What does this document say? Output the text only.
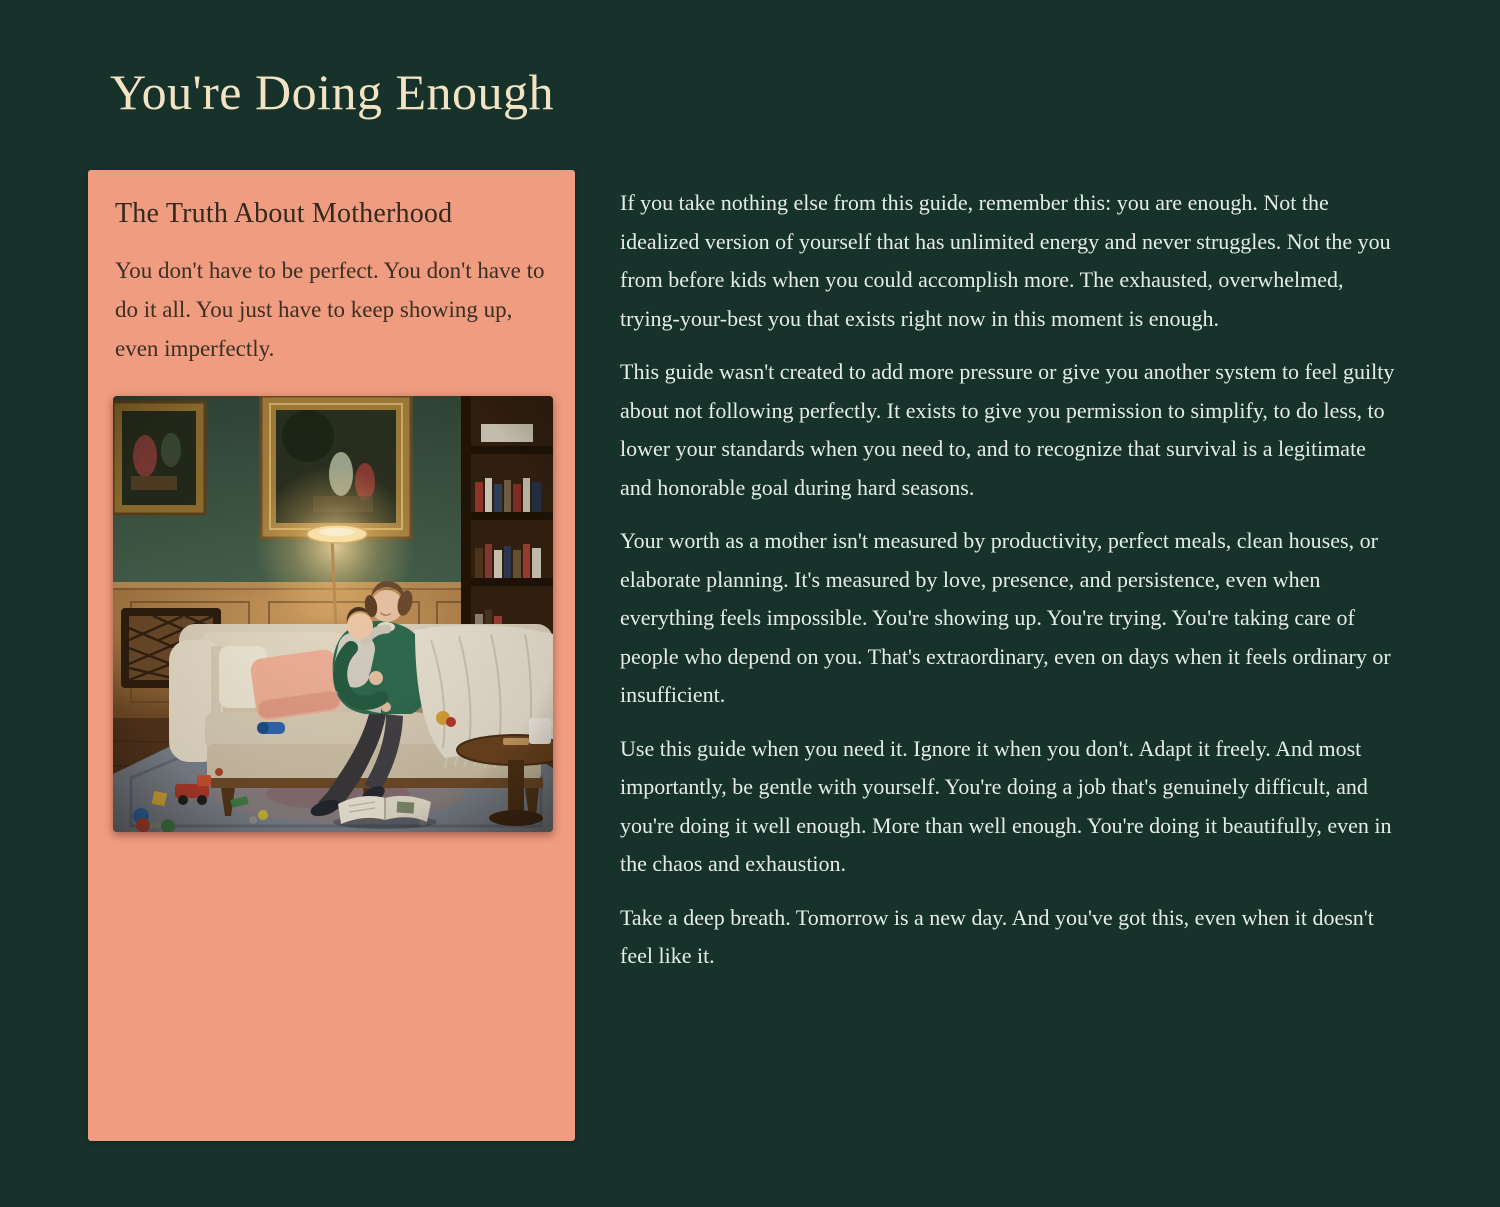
You're Doing Enough
The Truth About Motherhood

You don't have to be perfect. You don't have to do it all. You just have to keep showing up, even imperfectly.

If you take nothing else from this guide, remember this: you are enough. Not the idealized version of yourself that has unlimited energy and never struggles. Not the you from before kids when you could accomplish more. The exhausted, overwhelmed, trying-your-best you that exists right now in this moment is enough.

This guide wasn't created to add more pressure or give you another system to feel guilty about not following perfectly. It exists to give you permission to simplify, to do less, to lower your standards when you need to, and to recognize that survival is a legitimate and honorable goal during hard seasons.

Your worth as a mother isn't measured by productivity, perfect meals, clean houses, or elaborate planning. It's measured by love, presence, and persistence, even when everything feels impossible. You're showing up. You're trying. You're taking care of people who depend on you. That's extraordinary, even on days when it feels ordinary or insufficient.

Use this guide when you need it. Ignore it when you don't. Adapt it freely. And most importantly, be gentle with yourself. You're doing a job that's genuinely difficult, and you're doing it well enough. More than well enough. You're doing it beautifully, even in the chaos and exhaustion.

Take a deep breath. Tomorrow is a new day. And you've got this, even when it doesn't feel like it.
